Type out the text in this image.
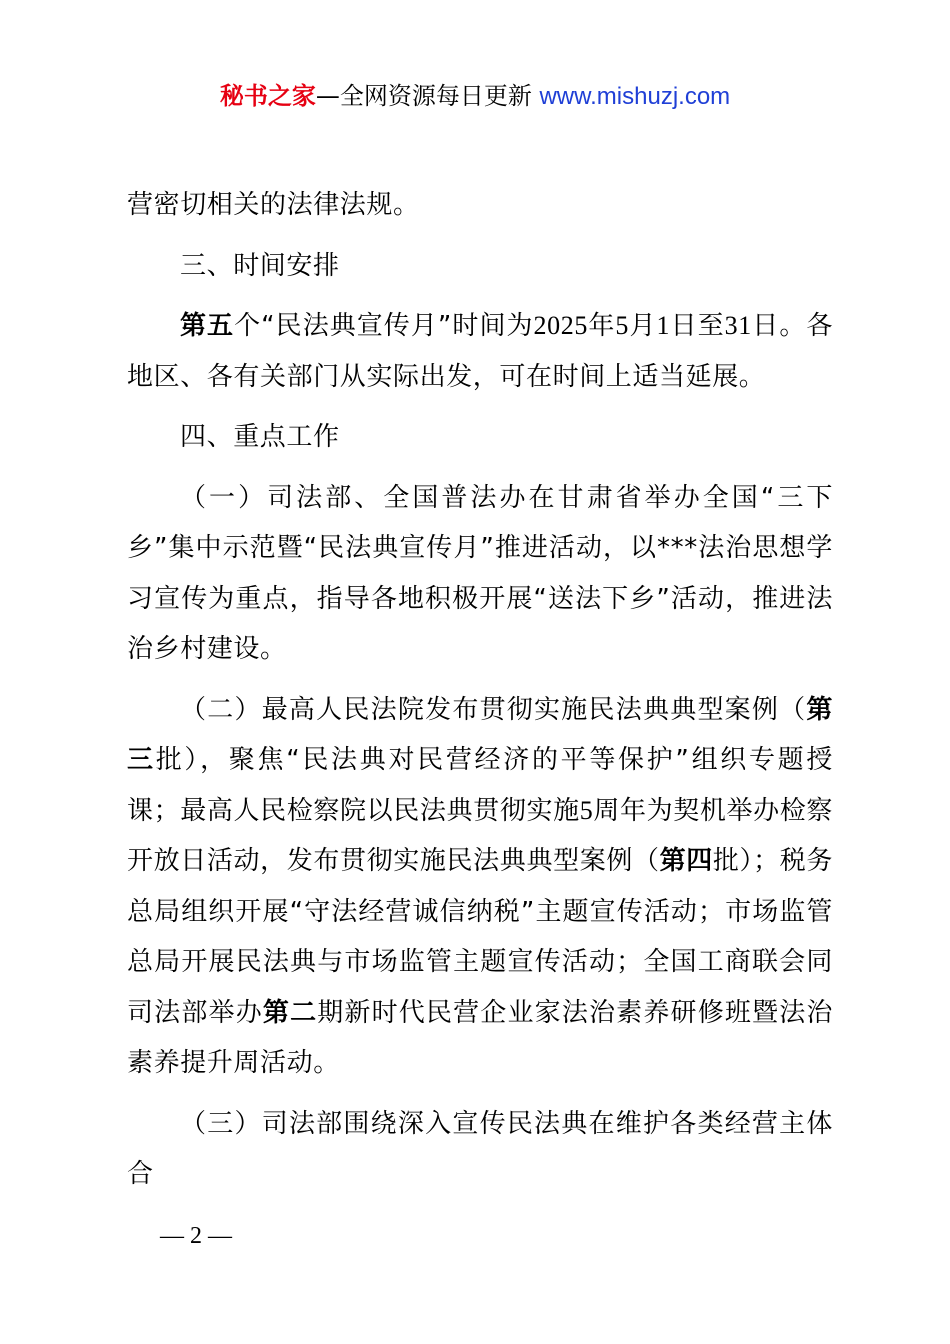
秘书之家—全网资源每日更新 www.mishuzj.com

营密切相关的法律法规。

三、时间安排

第五个“民法典宣传月”时间为2025年5月1日至31日。各地区、各有关部门从实际出发，可在时间上适当延展。

四、重点工作

（一）司法部、全国普法办在甘肃省举办全国“三下乡”集中示范暨“民法典宣传月”推进活动，以***法治思想学习宣传为重点，指导各地积极开展“送法下乡”活动，推进法治乡村建设。

（二）最高人民法院发布贯彻实施民法典典型案例（第三批），聚焦“民法典对民营经济的平等保护”组织专题授课；最高人民检察院以民法典贯彻实施5周年为契机举办检察开放日活动，发布贯彻实施民法典典型案例（第四批）；税务总局组织开展“守法经营诚信纳税”主题宣传活动；市场监管总局开展民法典与市场监管主题宣传活动；全国工商联会同司法部举办第二期新时代民营企业家法治素养研修班暨法治素养提升周活动。

（三）司法部围绕深入宣传民法典在维护各类经营主体合

— 2 —
